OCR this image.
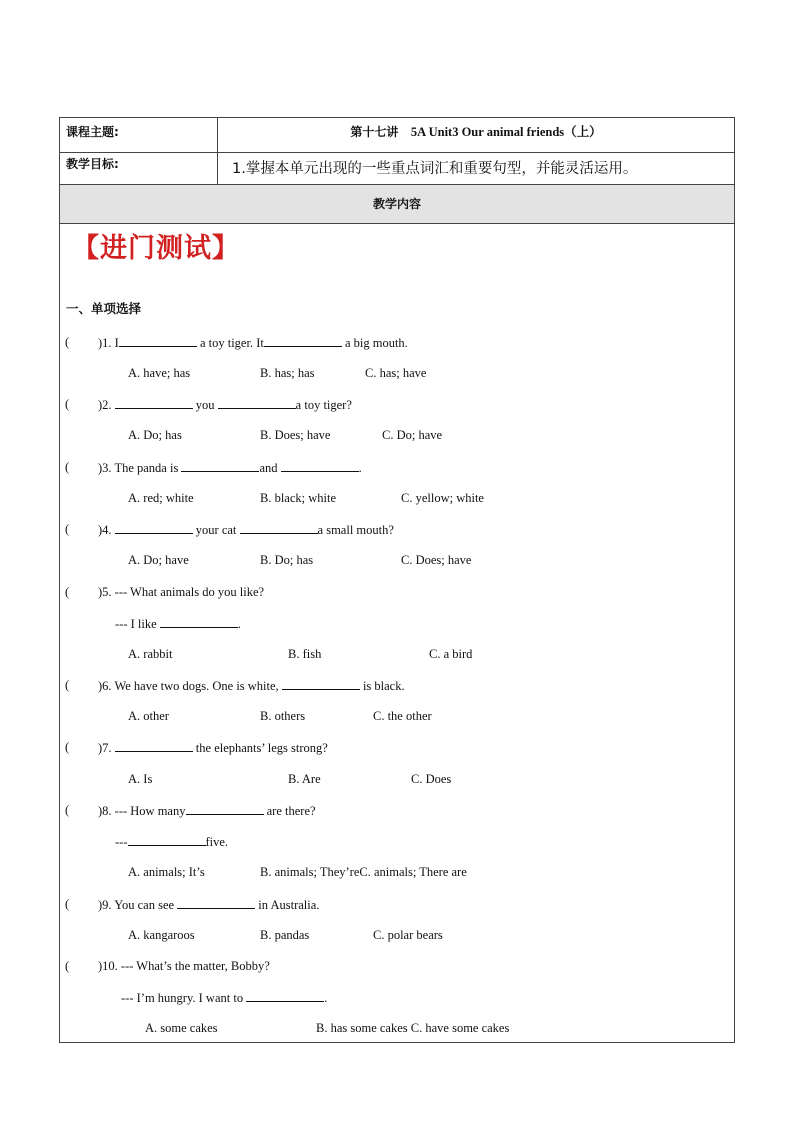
课程主题:	第十七讲 5A Unit3 Our animal friends（上）
教学目标:	1.掌握本单元出现的一些重点词汇和重要句型，并能灵活运用。
教学内容
【进门测试】
一、单项选择
( )1. I	a toy tiger. It	a big mouth.
A. have; has	B. has; has	C. has; have
( )2.	you	a toy tiger?
A. Do; has	B. Does; have	C. Do; have
( )3. The panda is	and	.
A. red; white	B. black; white	C. yellow; white
( )4.	your cat	a small mouth?
A. Do; have	B. Do; has	C. Does; have
( )5. --- What animals do you like?
--- I like	.
A. rabbit	B. fish	C. a bird
( )6. We have two dogs. One is white,	is black.
A. other	B. others	C. the other
( )7.	the elephants’ legs strong?
A. Is	B. Are	C. Does
( )8. --- How many	are there?
---	five.
A. animals; It’s	B. animals; They’reC. animals; There are
( )9. You can see	in Australia.
A. kangaroos	B. pandas	C. polar bears
( )10. --- What’s the matter, Bobby?
--- I’m hungry. I want to	.
A. some cakes	B. has some cakes C. have some cakes
